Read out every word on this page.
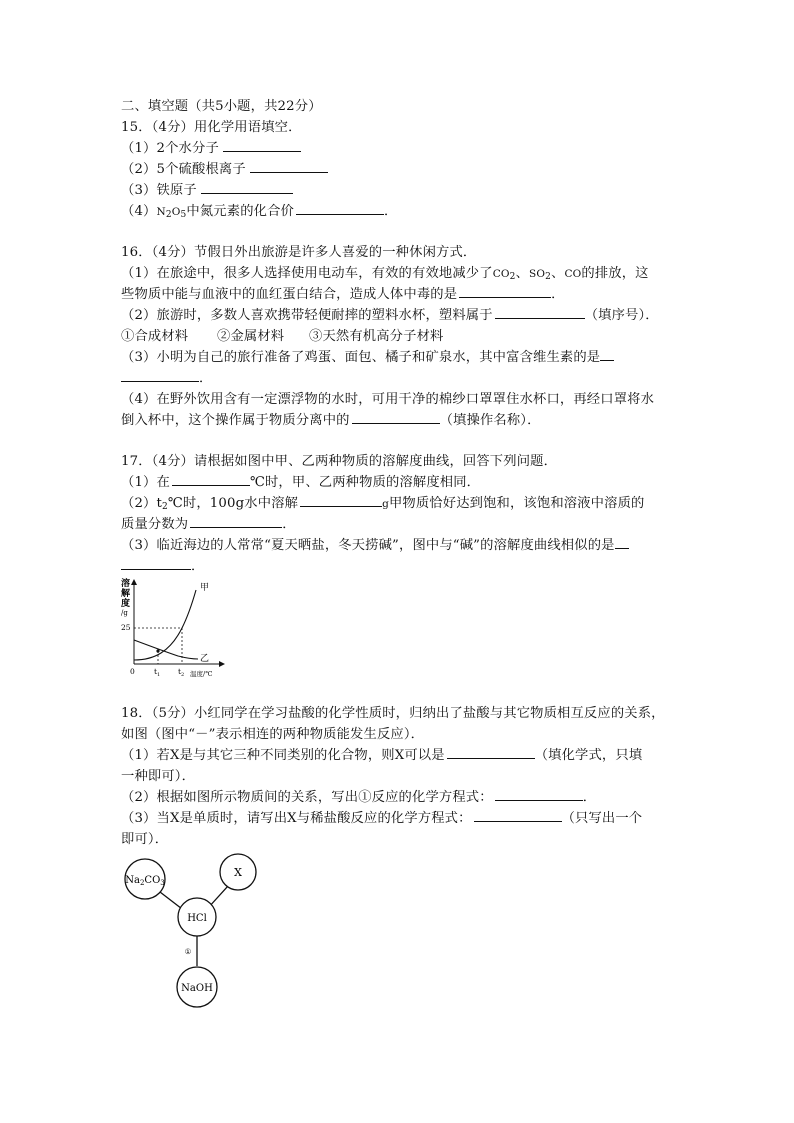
二、填空题（共5小题，共22分）
15．（4分）用化学用语填空．
（1）2个水分子
（2）5个硫酸根离子
（3）铁原子
$(4)N_2O_5$中氮元素的化合价	．
16．（4分）节假日外出旅游是许多人喜爱的一种休闲方式．
（1）在旅途中，很多人选择使用电动车，有效的有效地减少了$CO_2$、$SO_2$、CO的排放，这
些物质中能与血液中的血红蛋白结合，造成人体中毒的是	．
（2）旅游时，多数人喜欢携带轻便耐摔的塑料水杯，塑料属于	（填序号）．
①合成材料 ②金属材料 ③天然有机高分子材料
（3）小明为自己的旅行准备了鸡蛋、面包、橘子和矿泉水，其中富含维生素的是
．
（4）在野外饮用含有一定漂浮物的水时，可用干净的棉纱口罩罩住水杯口，再经口罩将水
倒入杯中，这个操作属于物质分离中的	（填操作名称）．
17．（4分）请根据如图中甲、乙两种物质的溶解度曲线，回答下列问题．
（1）在	℃时，甲、乙两种物质的溶解度相同．
$(2)t_2℃$时，100g水中溶解	g甲物质恰好达到饱和，该饱和溶液中溶质的
质量分数为	．
（3）临近海边的人常常“夏天晒盐，冬天捞碱”，图中与“碱”的溶解度曲线相似的是
．
溶
解
度
/g
25
0	$t_1$ $t_2$ 温度/℃
甲
乙
18．（5分）小红同学在学习盐酸的化学性质时，归纳出了盐酸与其它物质相互反应的关系，
如图（图中“－”表示相连的两种物质能发生反应）．
（1）若X是与其它三种不同类别的化合物，则X可以是	（填化学式，只填
一种即可）．
（2）根据如图所示物质间的关系，写出①反应的化学方程式：	．
（3）当X是单质时，请写出X与稀盐酸反应的化学方程式：	（只写出一个
即可）．
$Na_2CO_3$
X
HCl
①
NaOH
